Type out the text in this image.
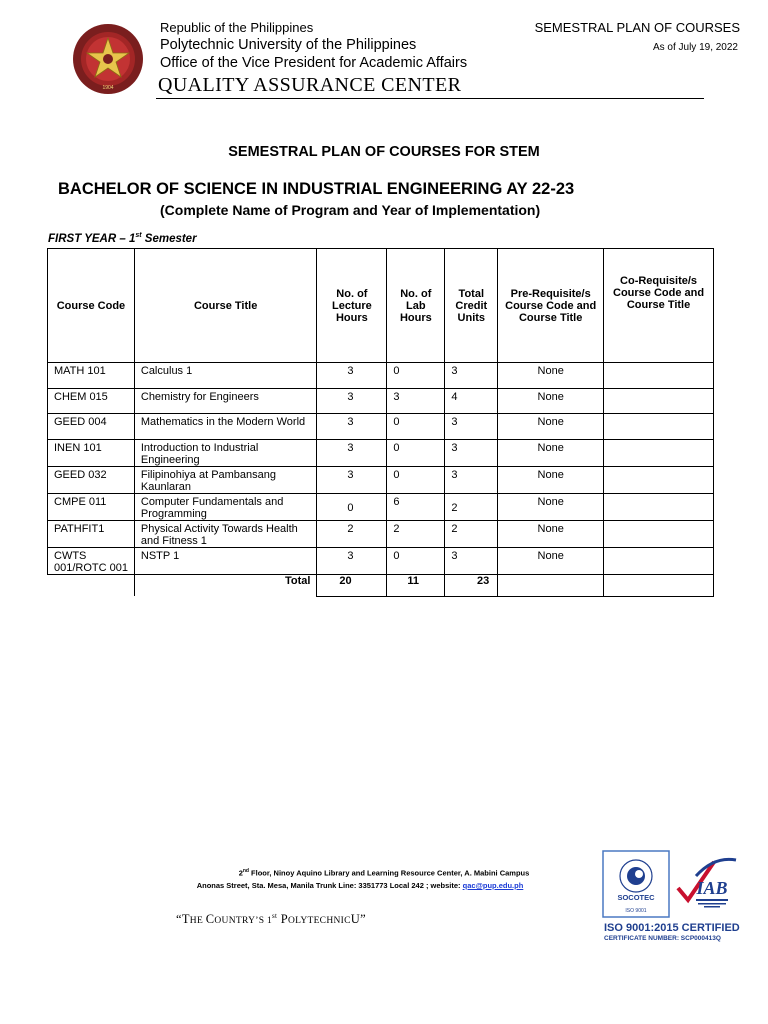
1904
Republic of the Philippines
Polytechnic University of the Philippines
Office of the Vice President for Academic Affairs
QUALITY ASSURANCE CENTER
SEMESTRAL PLAN OF COURSES
As of July 19, 2022
SEMESTRAL PLAN OF COURSES FOR STEM
BACHELOR OF SCIENCE IN INDUSTRIAL ENGINEERING AY 22-23
(Complete Name of Program and Year of Implementation)
FIRST YEAR – 1st Semester
Course Code	Course Title	No. of Lecture Hours	No. of Lab Hours	Total Credit Units	Pre-Requisite/s Course Code and Course Title	Co-Requisite/s Course Code and Course Title
MATH 101	Calculus 1	3	0	3	None	
CHEM 015	Chemistry for Engineers	3	3	4	None	
GEED 004	Mathematics in the Modern World	3	0	3	None	
INEN 101	Introduction to Industrial Engineering	3	0	3	None	
GEED 032	Filipinohiya at Pambansang Kaunlaran	3	0	3	None	
CMPE 011	Computer Fundamentals and Programming	0	6	2	None	
PATHFIT1	Physical Activity Towards Health and Fitness 1	2	2	2	None	
CWTS 001/ROTC 001	NSTP 1	3	0	3	None	
	Total	20	11	23		
2nd Floor, Ninoy Aquino Library and Learning Resource Center, A. Mabini Campus
Anonas Street, Sta. Mesa, Manila Trunk Line: 3351773 Local 242 ; website: qac@pup.edu.ph
“THE COUNTRY’S 1st POLYTECHNICU”
SOCOTEC
ISO 9001
IAB
ISO 9001:2015 CERTIFIED
CERTIFICATE NUMBER: SCP000413Q
